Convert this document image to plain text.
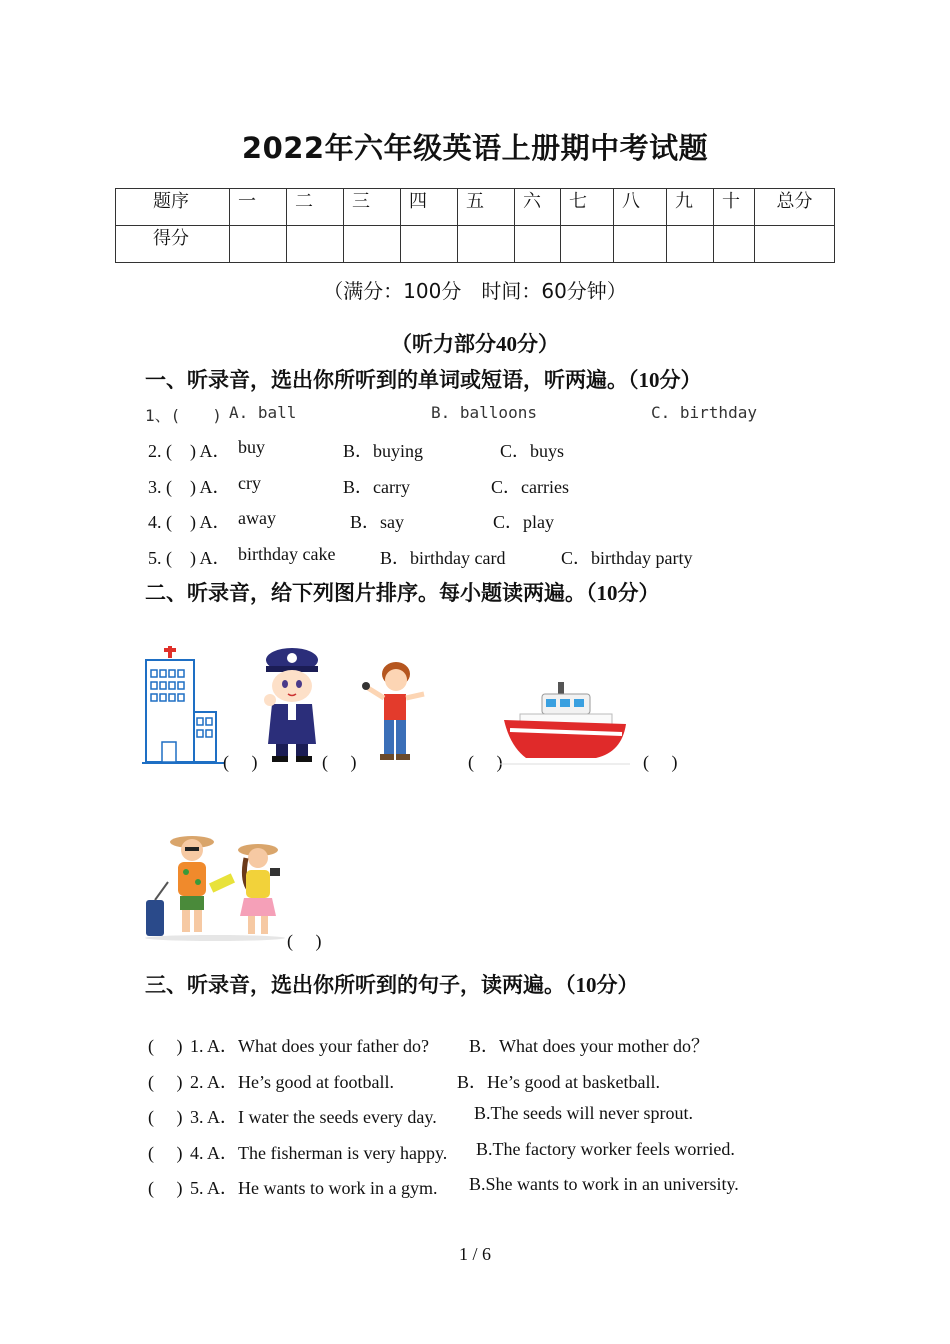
2022年六年级英语上册期中考试题
题序	一	二	三	四	五	六	七	八	九	十	总分
得分											
（满分：100分　时间：60分钟）
（听力部分40分）
一、听录音，选出你所听到的单词或短语，听两遍。（10分）
1、(　　) A. ball	B. balloons	C. birthday
2. (　) A． buy	B．buying	C．buys
3. (　) A． cry	B．carry	C．carries
4. (　) A． away	B．say	C．play
5. (　) A． birthday cake B．birthday card	C．birthday party
二、听录音，给下列图片排序。每小题读两遍。（10分）
(　 )	(　 )	(　 )	(　 )
(　 )
三、听录音，选出你所听到的句子，读两遍。（10分）
(　 ) 1. A．What does your father do? B．What does your mother do？
(　 ) 2. A．He’s good at football.	B．He’s good at basketball.
(　 ) 3. A．I water the seeds every day. B.The seeds will never sprout.
(　 ) 4. A．The fisherman is very happy. B.The factory worker feels worried.
(　 ) 5. A．He wants to work in a gym. B.She wants to work in an university.
1 / 6
